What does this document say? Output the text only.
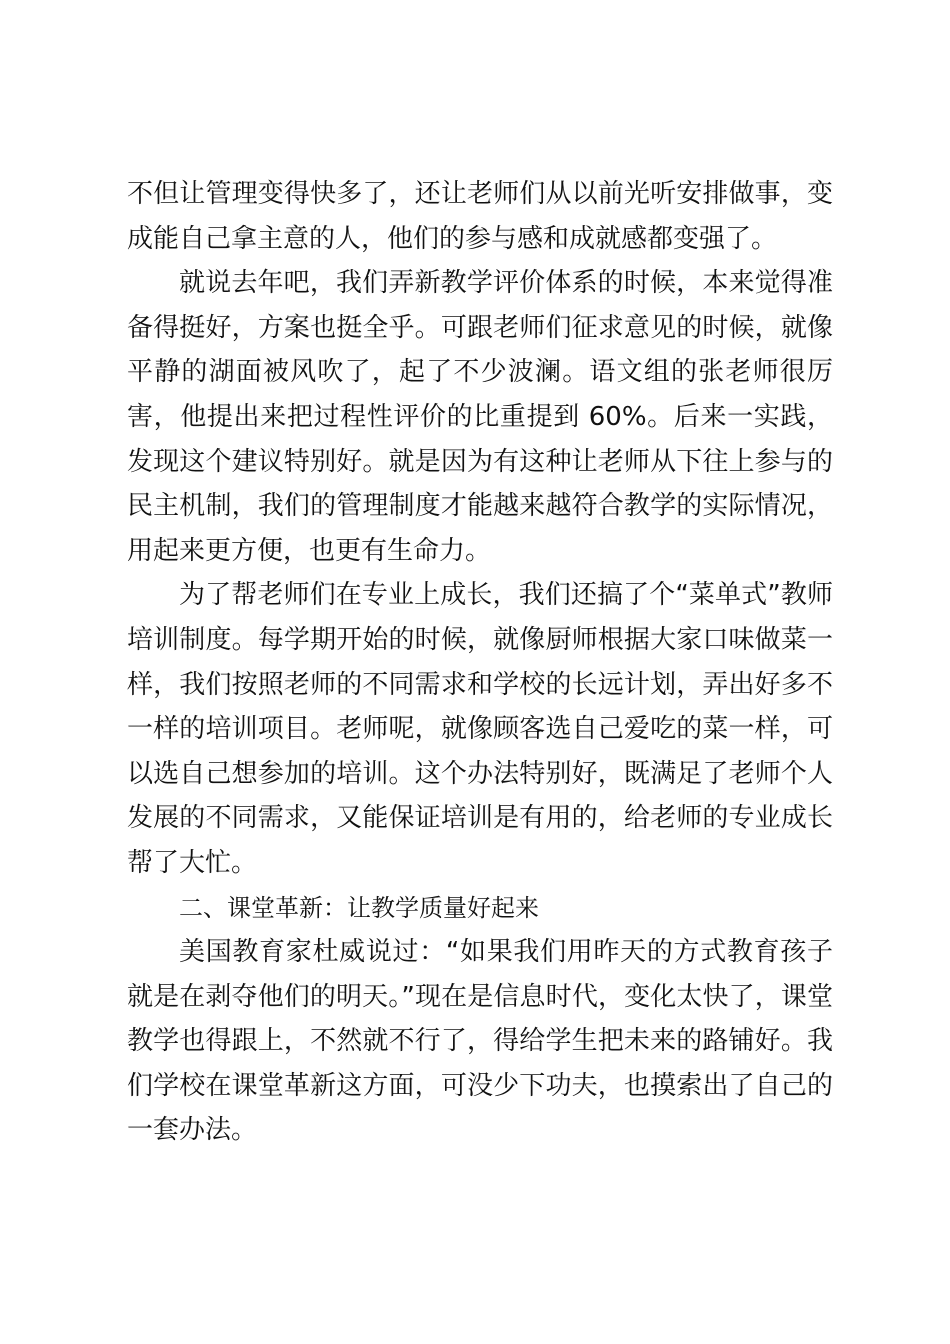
不但让管理变得快多了，还让老师们从以前光听安排做事，变成能自己拿主意的人，他们的参与感和成就感都变强了。

就说去年吧，我们弄新教学评价体系的时候，本来觉得准备得挺好，方案也挺全乎。可跟老师们征求意见的时候，就像平静的湖面被风吹了，起了不少波澜。语文组的张老师很厉害，他提出来把过程性评价的比重提到 60%。后来一实践，发现这个建议特别好。就是因为有这种让老师从下往上参与的民主机制，我们的管理制度才能越来越符合教学的实际情况，用起来更方便，也更有生命力。

为了帮老师们在专业上成长，我们还搞了个“菜单式”教师培训制度。每学期开始的时候，就像厨师根据大家口味做菜一样，我们按照老师的不同需求和学校的长远计划，弄出好多不一样的培训项目。老师呢，就像顾客选自己爱吃的菜一样，可以选自己想参加的培训。这个办法特别好，既满足了老师个人发展的不同需求，又能保证培训是有用的，给老师的专业成长帮了大忙。

二、课堂革新：让教学质量好起来

美国教育家杜威说过：“如果我们用昨天的方式教育孩子就是在剥夺他们的明天。”现在是信息时代，变化太快了，课堂教学也得跟上，不然就不行了，得给学生把未来的路铺好。我们学校在课堂革新这方面，可没少下功夫，也摸索出了自己的一套办法。
